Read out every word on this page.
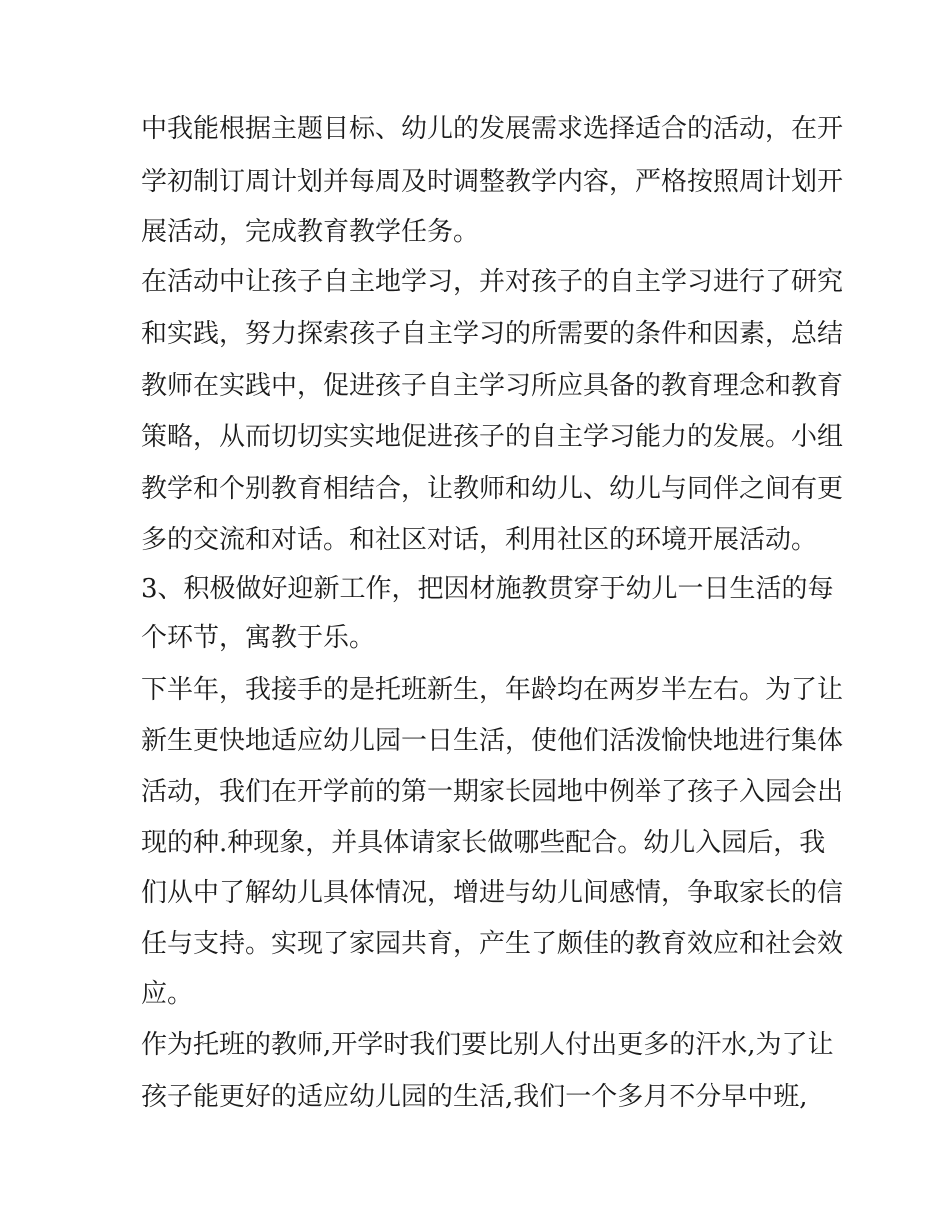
中我能根据主题目标、幼儿的发展需求选择适合的活动，在开
学初制订周计划并每周及时调整教学内容，严格按照周计划开
展活动，完成教育教学任务。
在活动中让孩子自主地学习，并对孩子的自主学习进行了研究
和实践，努力探索孩子自主学习的所需要的条件和因素，总结
教师在实践中，促进孩子自主学习所应具备的教育理念和教育
策略，从而切切实实地促进孩子的自主学习能力的发展。小组
教学和个别教育相结合，让教师和幼儿、幼儿与同伴之间有更
多的交流和对话。和社区对话，利用社区的环境开展活动。
3、积极做好迎新工作，把因材施教贯穿于幼儿一日生活的每
个环节，寓教于乐。
下半年，我接手的是托班新生，年龄均在两岁半左右。为了让
新生更快地适应幼儿园一日生活，使他们活泼愉快地进行集体
活动，我们在开学前的第一期家长园地中例举了孩子入园会出
现的种.种现象，并具体请家长做哪些配合。幼儿入园后，我
们从中了解幼儿具体情况，增进与幼儿间感情，争取家长的信
任与支持。实现了家园共育，产生了颇佳的教育效应和社会效
应。
作为托班的教师,开学时我们要比别人付出更多的汗水,为了让
孩子能更好的适应幼儿园的生活,我们一个多月不分早中班,
